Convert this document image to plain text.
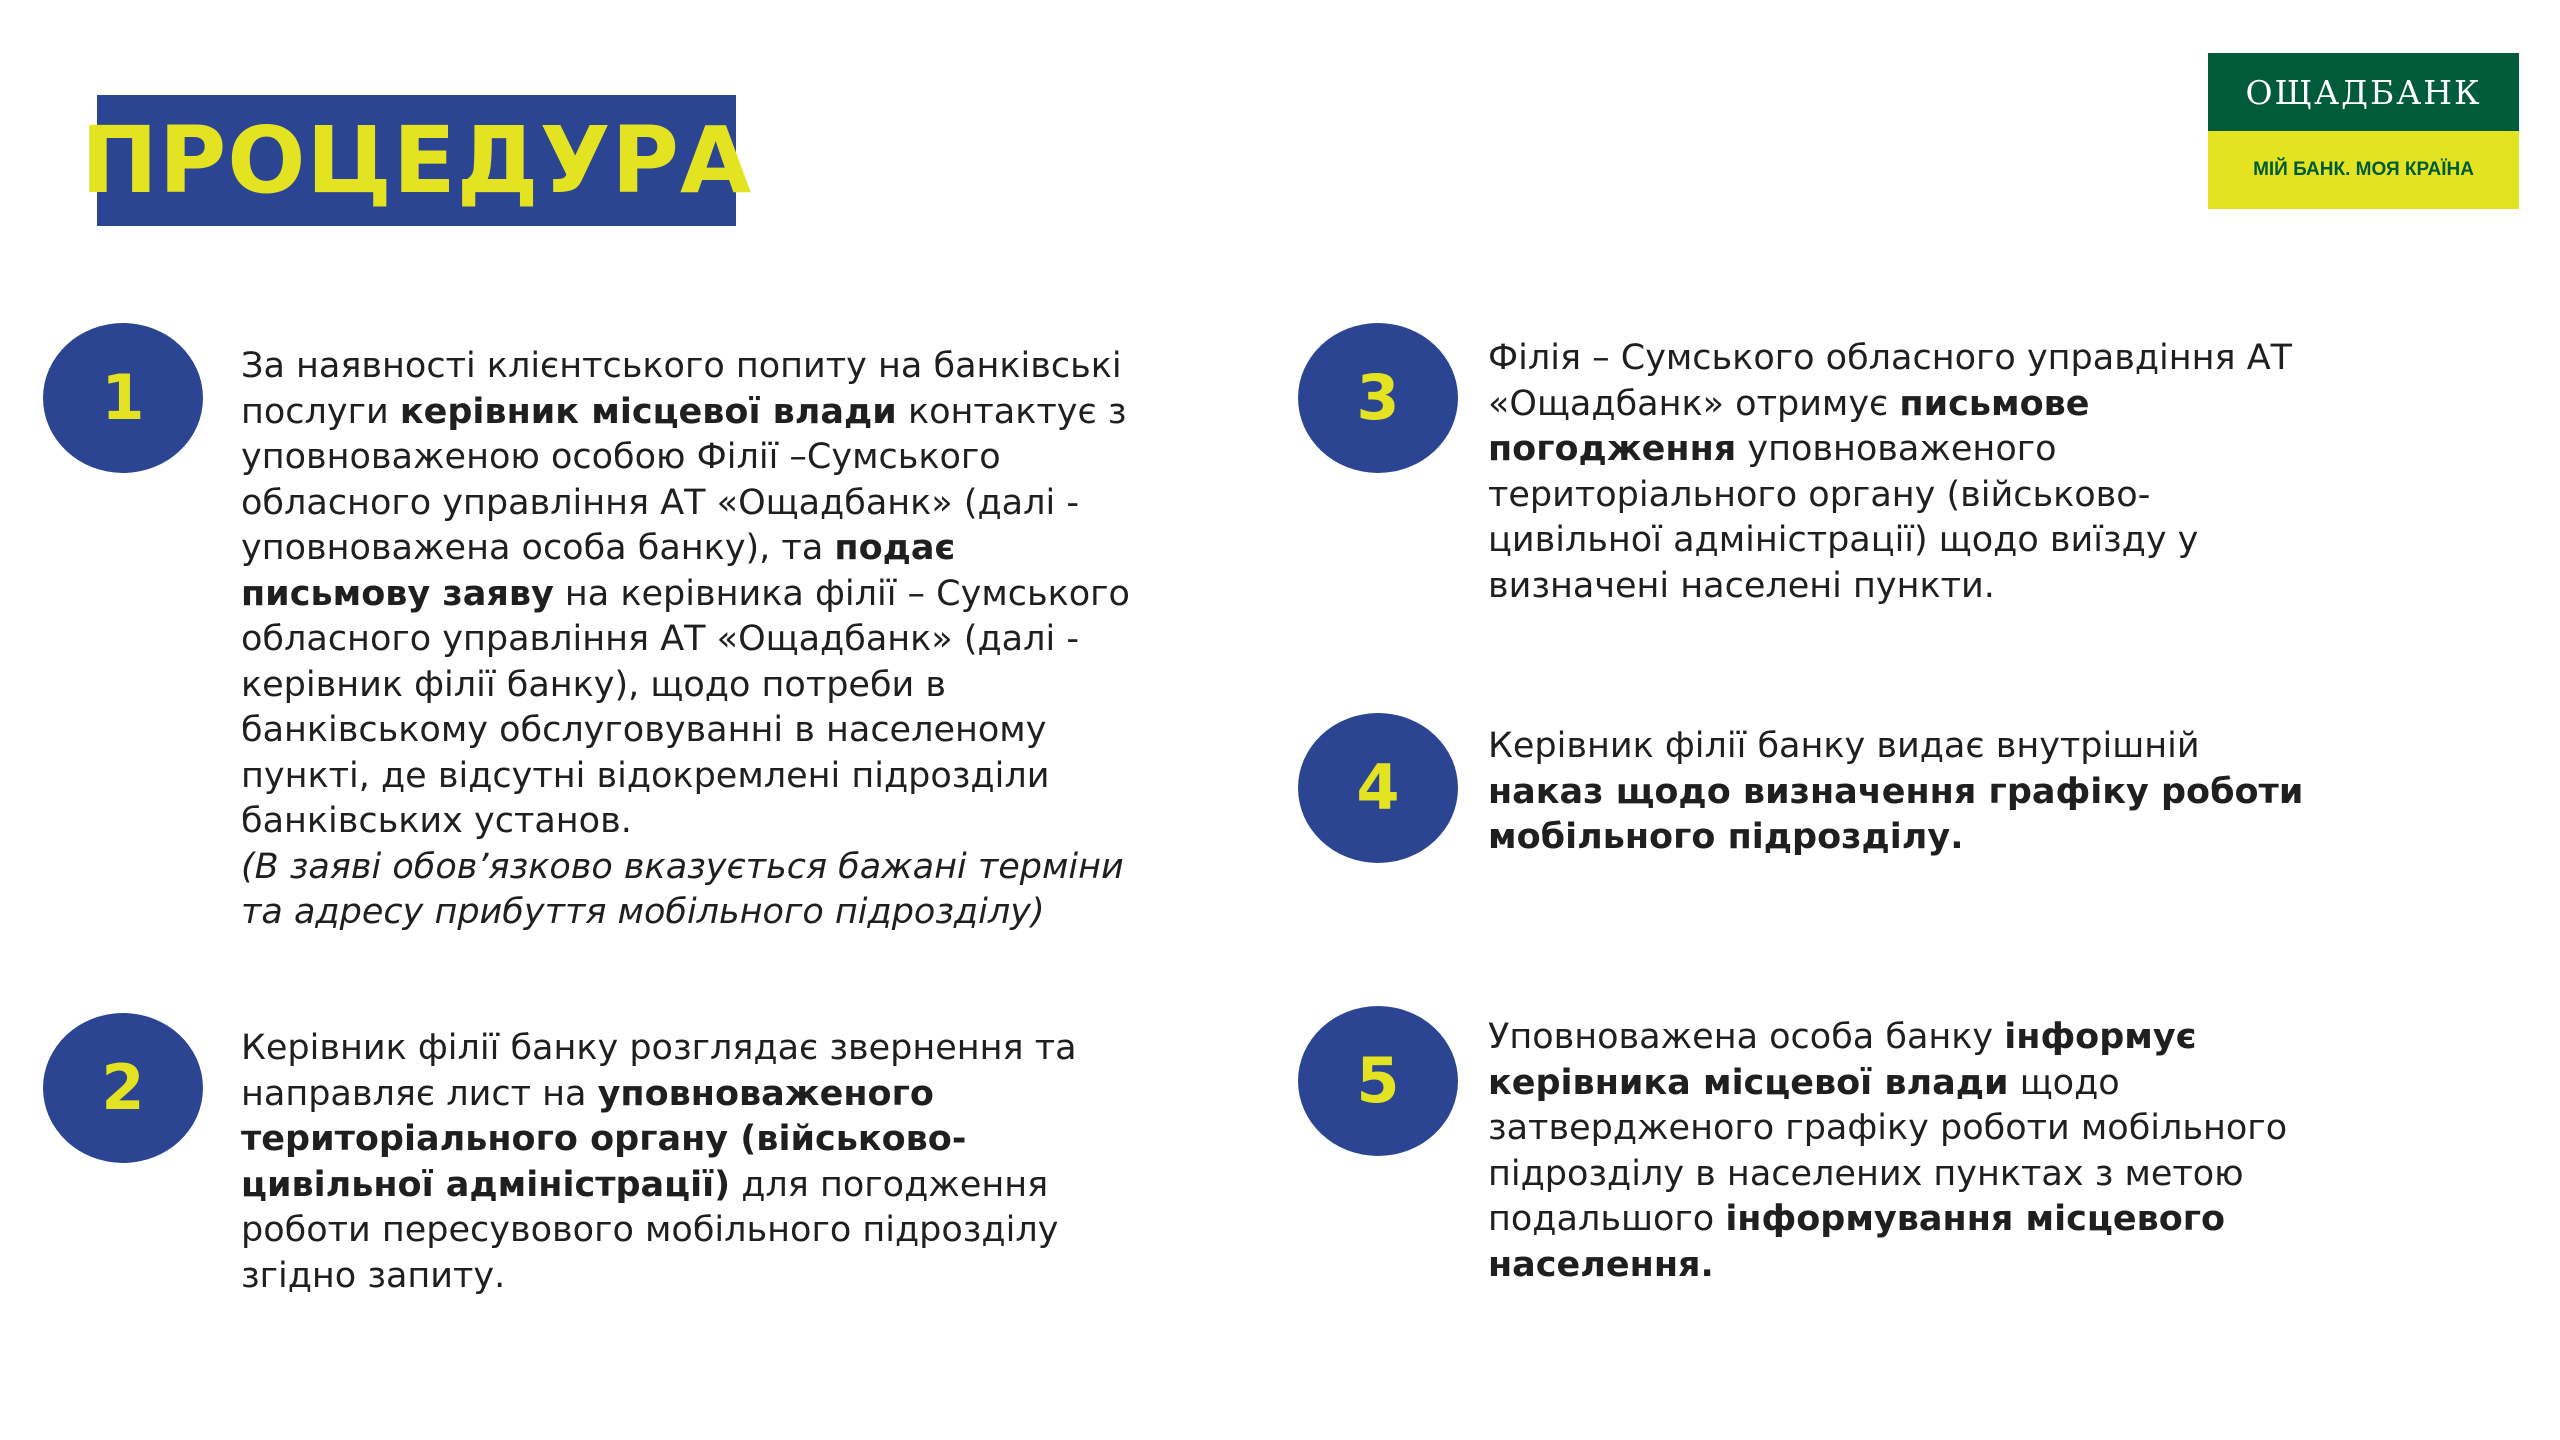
ПРОЦЕДУРА
ОЩАДБАНК
МІЙ БАНК. МОЯ КРАЇНА
1	За наявності клієнтського попиту на банківські послуги керівник місцевої влади контактує з уповноваженою особою Філії –Сумського обласного управління АТ «Ощадбанк» (далі - уповноважена особа банку), та подає письмову заяву на керівника філії – Сумського обласного управління АТ «Ощадбанк» (далі - керівник філії банку), щодо потреби в банківському обслуговуванні в населеному пункті, де відсутні відокремлені підрозділи банківських установ.
(В заяві обов’язково вказується бажані терміни та адресу прибуття мобільного підрозділу)

2

Керівник філії банку розглядає звернення та направляє лист на уповноваженого територіального органу (військово-цивільної адміністрації) для погодження роботи пересувового мобільного підрозділу згідно запиту.

3

Філія – Сумського обласного управдіння АТ «Ощадбанк» отримує письмове погодження уповноваженого територіального органу (військово-цивільної адміністрації) щодо виїзду у визначені населені пункти.

4

Керівник філії банку видає внутрішній наказ щодо визначення графіку роботи мобільного підрозділу.

5

Уповноважена особа банку інформує керівника місцевої влади щодо затвердженого графіку роботи мобільного підрозділу в населених пунктах з метою подальшого інформування місцевого населення.
